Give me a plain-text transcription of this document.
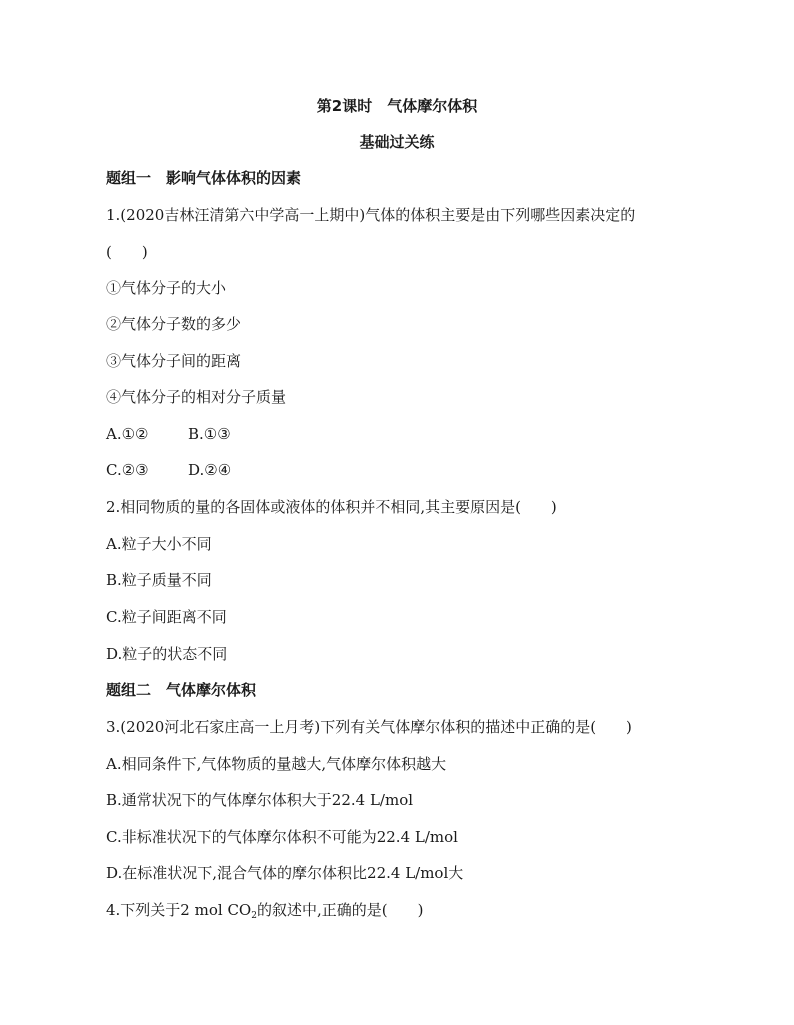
第2课时　气体摩尔体积
基础过关练
题组一　影响气体体积的因素
1.(2020吉林汪清第六中学高一上期中)气体的体积主要是由下列哪些因素决定的
(　　)
①气体分子的大小
②气体分子数的多少
③气体分子间的距离
④气体分子的相对分子质量
A.①②	B.①③
C.②③	D.②④
2.相同物质的量的各固体或液体的体积并不相同,其主要原因是(　　)
A.粒子大小不同
B.粒子质量不同
C.粒子间距离不同
D.粒子的状态不同
题组二　气体摩尔体积
3.(2020河北石家庄高一上月考)下列有关气体摩尔体积的描述中正确的是(　　)
A.相同条件下,气体物质的量越大,气体摩尔体积越大
B.通常状况下的气体摩尔体积大于22.4 L/mol
C.非标准状况下的气体摩尔体积不可能为22.4 L/mol
D.在标准状况下,混合气体的摩尔体积比22.4 L/mol大
4.下列关于2 mol $CO_2$的叙述中,正确的是(　　)
